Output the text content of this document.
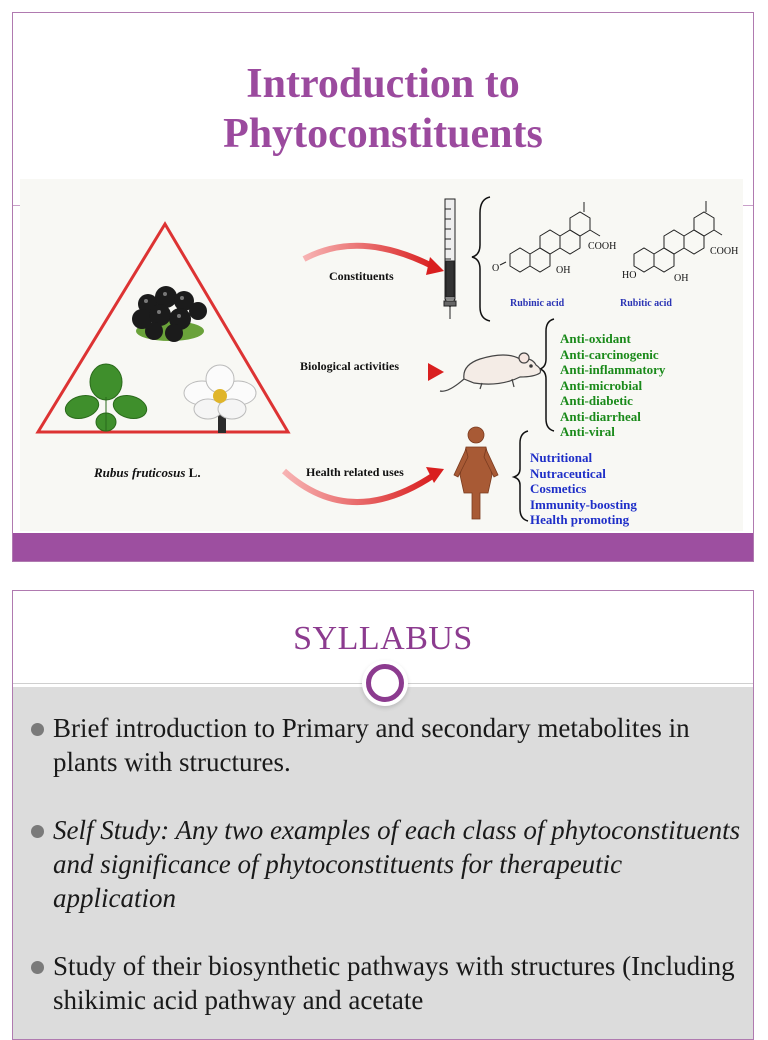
Introduction to
Phytoconstituents
Rubus fruticosus L.
Constituents
Biological activities
Health related uses
Rubinic acid	Rubitic acid
COOH
OH
COOH
OH
O
HO
Anti-oxidant
Anti-carcinogenic
Anti-inflammatory
Anti-microbial
Anti-diabetic
Anti-diarrheal
Anti-viral
Nutritional
Nutraceutical
Cosmetics
Immunity-boosting
Health promoting
SYLLABUS
Brief introduction to Primary and secondary metabolites in plants with structures.
Self Study: Any two examples of each class of phytoconstituents and significance of phytoconstituents for therapeutic application
Study of their biosynthetic pathways with structures (Including shikimic acid pathway and acetate
